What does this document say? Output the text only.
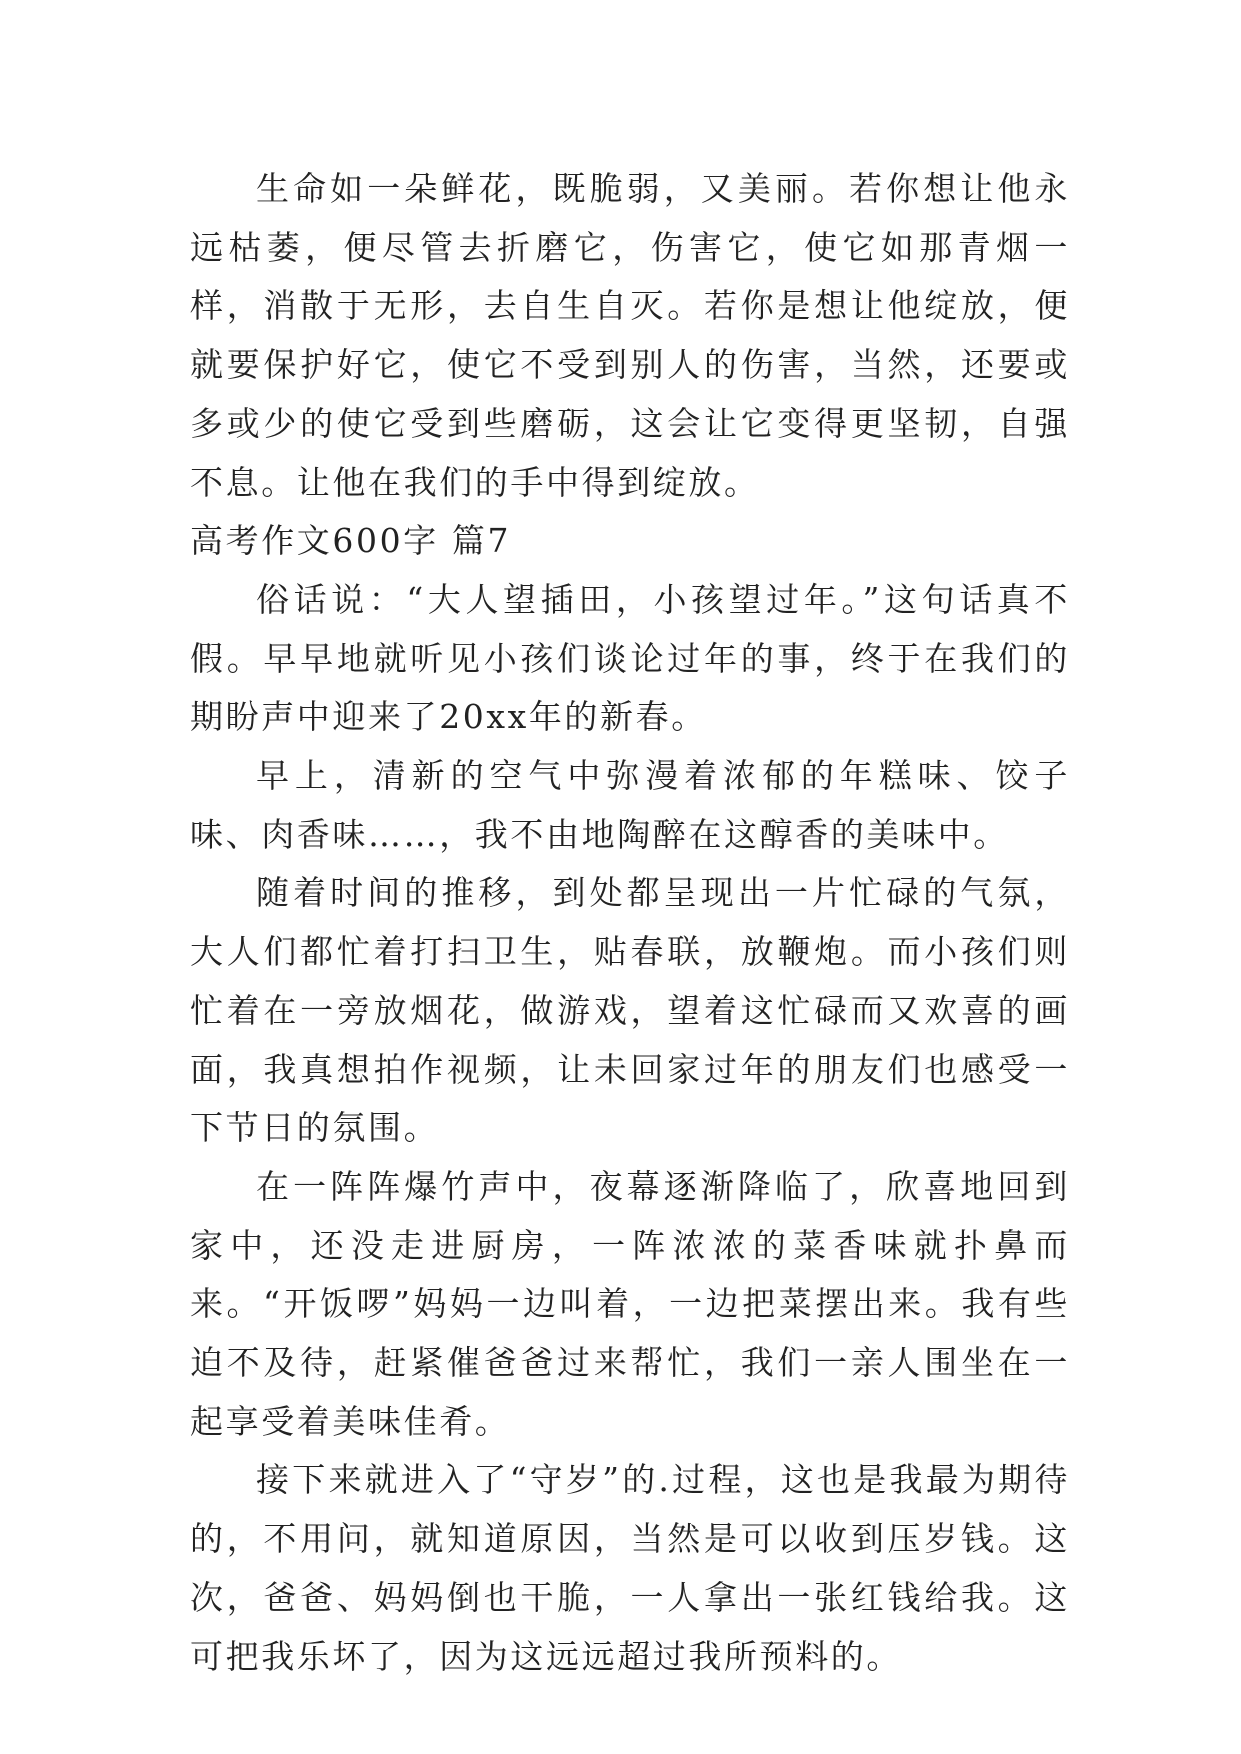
生命如一朵鲜花，既脆弱，又美丽。若你想让他永远枯萎，便尽管去折磨它，伤害它，使它如那青烟一样，消散于无形，去自生自灭。若你是想让他绽放，便就要保护好它，使它不受到别人的伤害，当然，还要或多或少的使它受到些磨砺，这会让它变得更坚韧，自强不息。让他在我们的手中得到绽放。

高考作文600字 篇7

俗话说：“大人望插田，小孩望过年。”这句话真不假。早早地就听见小孩们谈论过年的事，终于在我们的期盼声中迎来了20xx年的新春。

早上，清新的空气中弥漫着浓郁的年糕味、饺子味、肉香味……，我不由地陶醉在这醇香的美味中。

随着时间的推移，到处都呈现出一片忙碌的气氛，大人们都忙着打扫卫生，贴春联，放鞭炮。而小孩们则忙着在一旁放烟花，做游戏，望着这忙碌而又欢喜的画面，我真想拍作视频，让未回家过年的朋友们也感受一下节日的氛围。

在一阵阵爆竹声中，夜幕逐渐降临了，欣喜地回到家中，还没走进厨房，一阵浓浓的菜香味就扑鼻而来。“开饭啰”妈妈一边叫着，一边把菜摆出来。我有些迫不及待，赶紧催爸爸过来帮忙，我们一亲人围坐在一起享受着美味佳肴。

接下来就进入了“守岁”的.过程，这也是我最为期待的，不用问，就知道原因，当然是可以收到压岁钱。这次，爸爸、妈妈倒也干脆，一人拿出一张红钱给我。这可把我乐坏了，因为这远远超过我所预料的。
